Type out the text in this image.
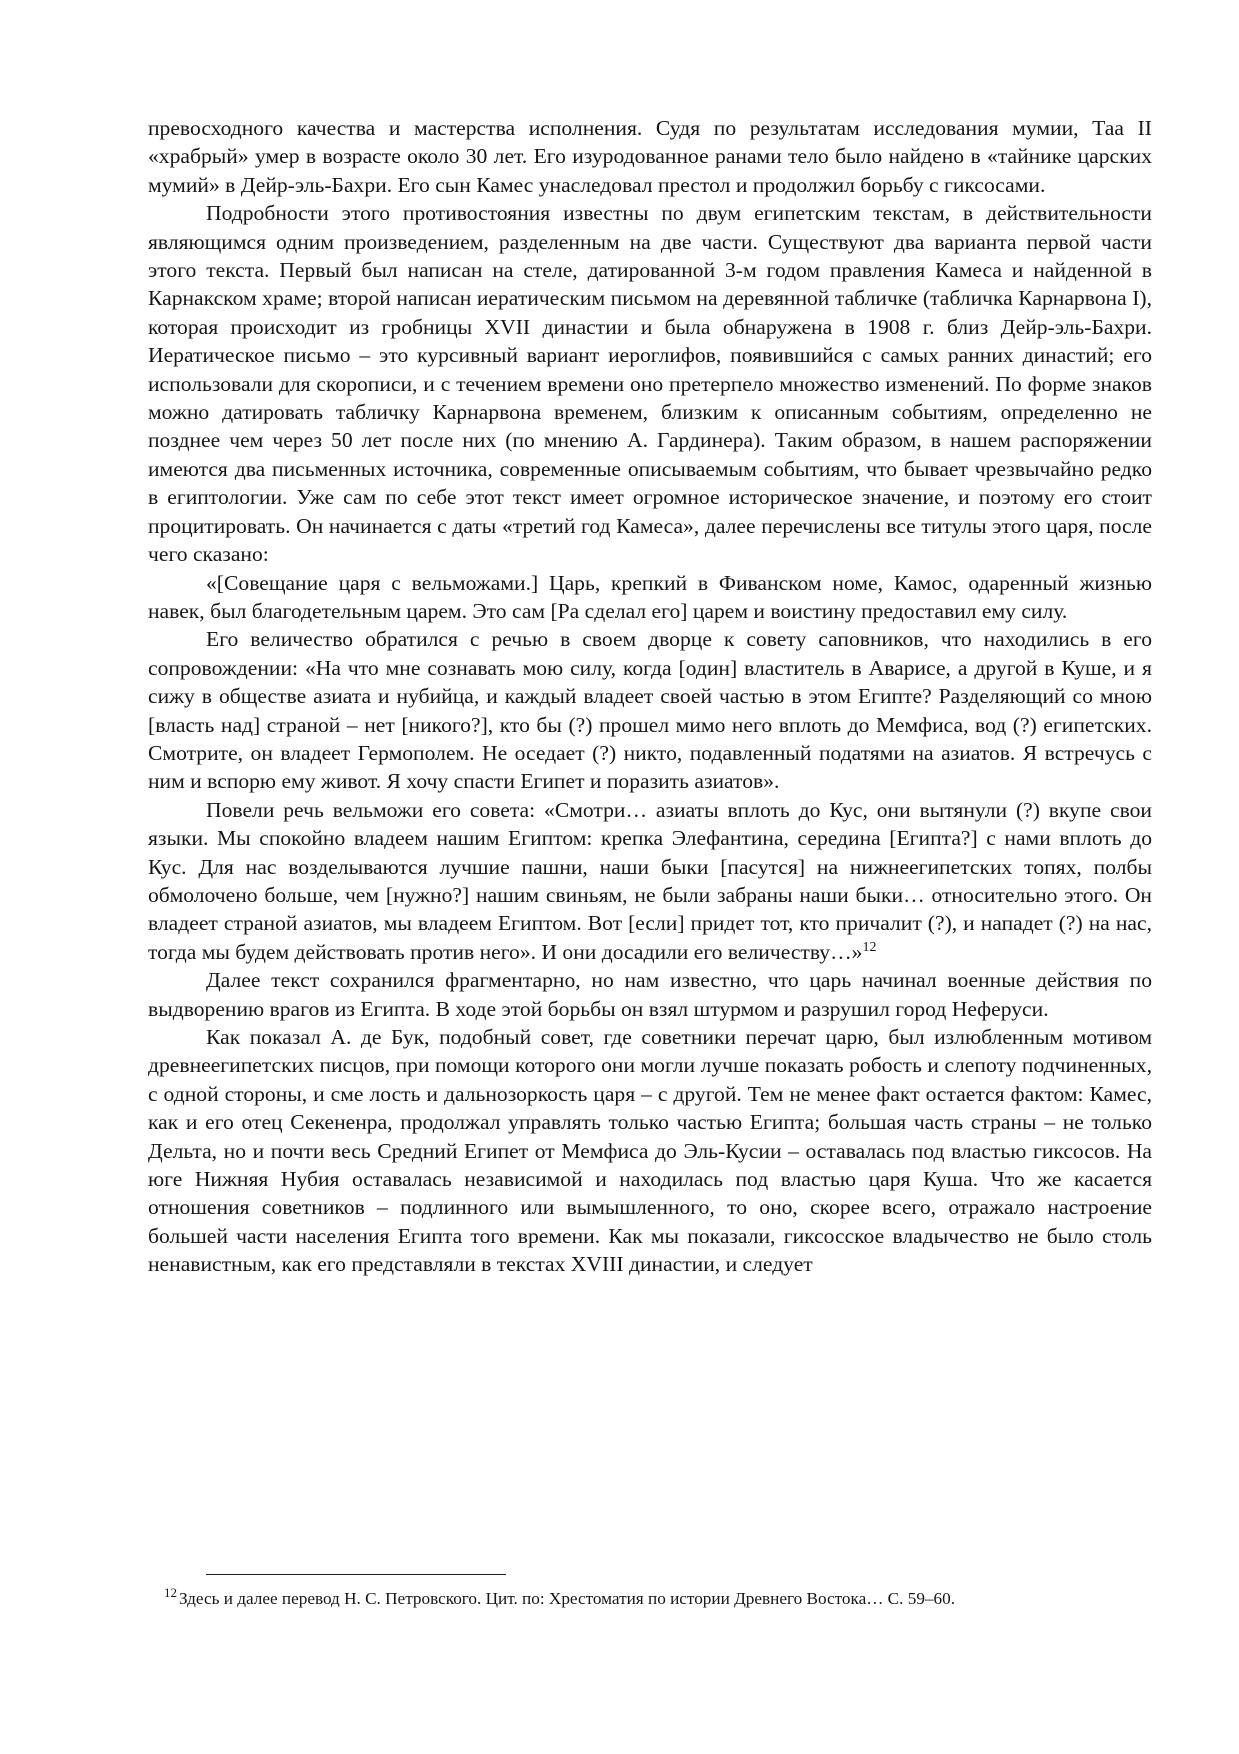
превосходного качества и мастерства исполнения. Судя по результатам исследования мумии, Таа II «храбрый» умер в возрасте около 30 лет. Его изуродованное ранами тело было найдено в «тайнике царских мумий» в Дейр-эль-Бахри. Его сын Камес унаследовал престол и продолжил борьбу с гиксосами.

Подробности этого противостояния известны по двум египетским текстам, в действительности являющимся одним произведением, разделенным на две части. Существуют два варианта первой части этого текста. Первый был написан на стеле, датированной 3-м годом правления Камеса и найденной в Карнакском храме; второй написан иератическим письмом на деревянной табличке (табличка Карнарвона I), которая происходит из гробницы XVII династии и была обнаружена в 1908 г. близ Дейр-эль-Бахри. Иератическое письмо – это курсивный вариант иероглифов, появившийся с самых ранних династий; его использовали для скорописи, и с течением времени оно претерпело множество изменений. По форме знаков можно датировать табличку Карнарвона временем, близким к описанным событиям, определенно не позднее чем через 50 лет после них (по мнению А. Гардинера). Таким образом, в нашем распоряжении имеются два письменных источника, современные описываемым событиям, что бывает чрезвычайно редко в египтологии. Уже сам по себе этот текст имеет огромное историческое значение, и поэтому его стоит процитировать. Он начинается с даты «третий год Камеса», далее перечислены все титулы этого царя, после чего сказано:

«[Совещание царя с вельможами.] Царь, крепкий в Фиванском номе, Камос, одаренный жизнью навек, был благодетельным царем. Это сам [Ра сделал его] царем и воистину предоставил ему силу.

Его величество обратился с речью в своем дворце к совету саповников, что находились в его сопровождении: «На что мне сознавать мою силу, когда [один] властитель в Аварисе, а другой в Куше, и я сижу в обществе азиата и нубийца, и каждый владеет своей частью в этом Египте? Разделяющий со мною [власть над] страной – нет [никого?], кто бы (?) прошел мимо него вплоть до Мемфиса, вод (?) египетских. Смотрите, он владеет Гермополем. Не оседает (?) никто, подавленный податями на азиатов. Я встречусь с ним и вспорю ему живот. Я хочу спасти Египет и поразить азиатов».

Повели речь вельможи его совета: «Смотри… азиаты вплоть до Кус, они вытянули (?) вкупе свои языки. Мы спокойно владеем нашим Египтом: крепка Элефантина, середина [Египта?] с нами вплоть до Кус. Для нас возделываются лучшие пашни, наши быки [пасутся] на нижнеегипетских топях, полбы обмолочено больше, чем [нужно?] нашим свиньям, не были забраны наши быки… относительно этого. Он владеет страной азиатов, мы владеем Египтом. Вот [если] придет тот, кто причалит (?), и нападет (?) на нас, тогда мы будем действовать против него». И они досадили его величеству…»$^{12}$

Далее текст сохранился фрагментарно, но нам известно, что царь начинал военные действия по выдворению врагов из Египта. В ходе этой борьбы он взял штурмом и разрушил город Неферуси.

Как показал А. де Бук, подобный совет, где советники перечат царю, был излюбленным мотивом древнеегипетских писцов, при помощи которого они могли лучше показать робость и слепоту подчиненных, с одной стороны, и сме лость и дальнозоркость царя – с другой. Тем не менее факт остается фактом: Камес, как и его отец Секененра, продолжал управлять только частью Египта; большая часть страны – не только Дельта, но и почти весь Средний Египет от Мемфиса до Эль-Кусии – оставалась под властью гиксосов. На юге Нижняя Нубия оставалась независимой и находилась под властью царя Куша. Что же касается отношения советников – подлинного или вымышленного, то оно, скорее всего, отражало настроение большей части населения Египта того времени. Как мы показали, гиксосское владычество не было столь ненавистным, как его представляли в текстах XVIII династии, и следует

$^{12}$ Здесь и далее перевод Н. С. Петровского. Цит. по: Хрестоматия по истории Древнего Востока… С. 59–60.
